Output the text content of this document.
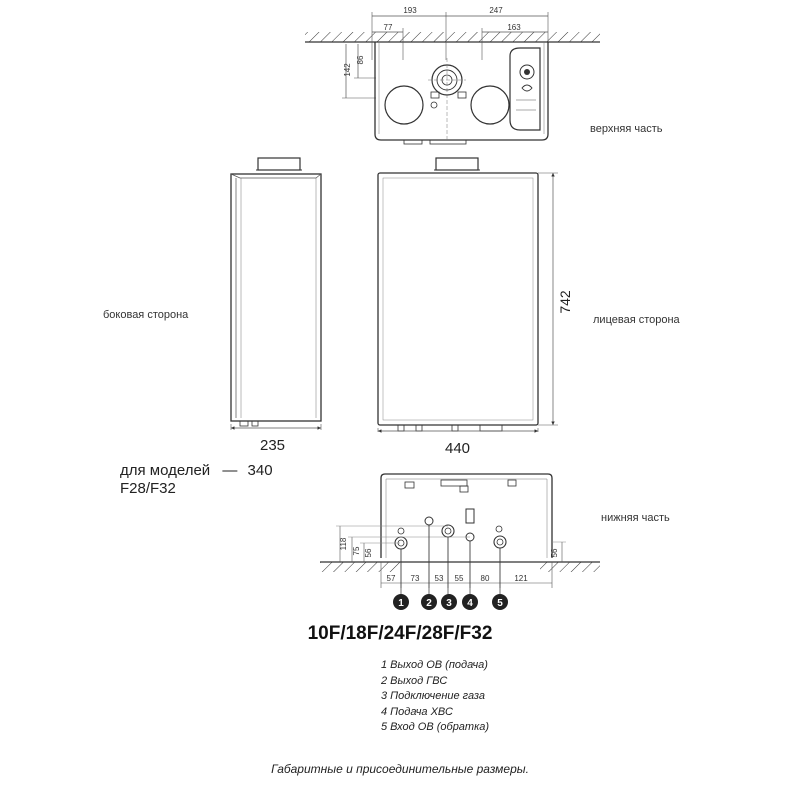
193	247
77	163
86
142
верхняя часть
боковая сторона
742
лицевая сторона
118
75 56	56
57 73 53 55 80	121
1 2 3 4 5
нижняя часть
235	440
для моделей — 340
F28/F32
10F/18F/24F/28F/F32
1 Выход ОВ (подача)
2 Выход ГВС
3 Подключение газа
4 Подача ХВС
5 Вход ОВ (обратка)
Габаритные и присоединительные размеры.
